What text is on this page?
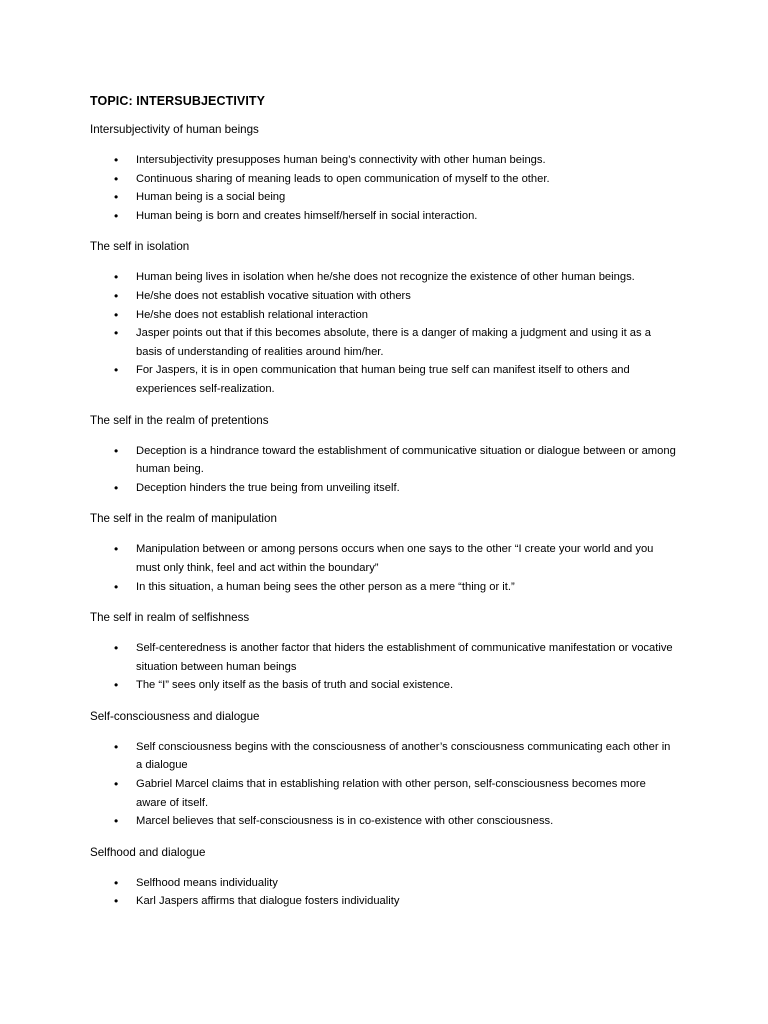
TOPIC: INTERSUBJECTIVITY
Intersubjectivity of human beings
• Intersubjectivity presupposes human being’s connectivity with other human beings.
• Continuous sharing of meaning leads to open communication of myself to the other.
• Human being is a social being
• Human being is born and creates himself/herself in social interaction.
The self in isolation
• Human being lives in isolation when he/she does not recognize the existence of other human beings.
• He/she does not establish vocative situation with others
• He/she does not establish relational interaction
• Jasper points out that if this becomes absolute, there is a danger of making a judgment and using it as a basis of understanding of realities around him/her.
• For Jaspers, it is in open communication that human being true self can manifest itself to others and experiences self-realization.
The self in the realm of pretentions
• Deception is a hindrance toward the establishment of communicative situation or dialogue between or among human being.
• Deception hinders the true being from unveiling itself.
The self in the realm of manipulation
• Manipulation between or among persons occurs when one says to the other “I create your world and you must only think, feel and act within the boundary”
• In this situation, a human being sees the other person as a mere “thing or it.”
The self in realm of selfishness
• Self-centeredness is another factor that hiders the establishment of communicative manifestation or vocative situation between human beings
• The “I” sees only itself as the basis of truth and social existence.
Self-consciousness and dialogue
• Self consciousness begins with the consciousness of another’s consciousness communicating each other in a dialogue
• Gabriel Marcel claims that in establishing relation with other person, self-consciousness becomes more aware of itself.
• Marcel believes that self-consciousness is in co-existence with other consciousness.
Selfhood and dialogue
• Selfhood means individuality
• Karl Jaspers affirms that dialogue fosters individuality
